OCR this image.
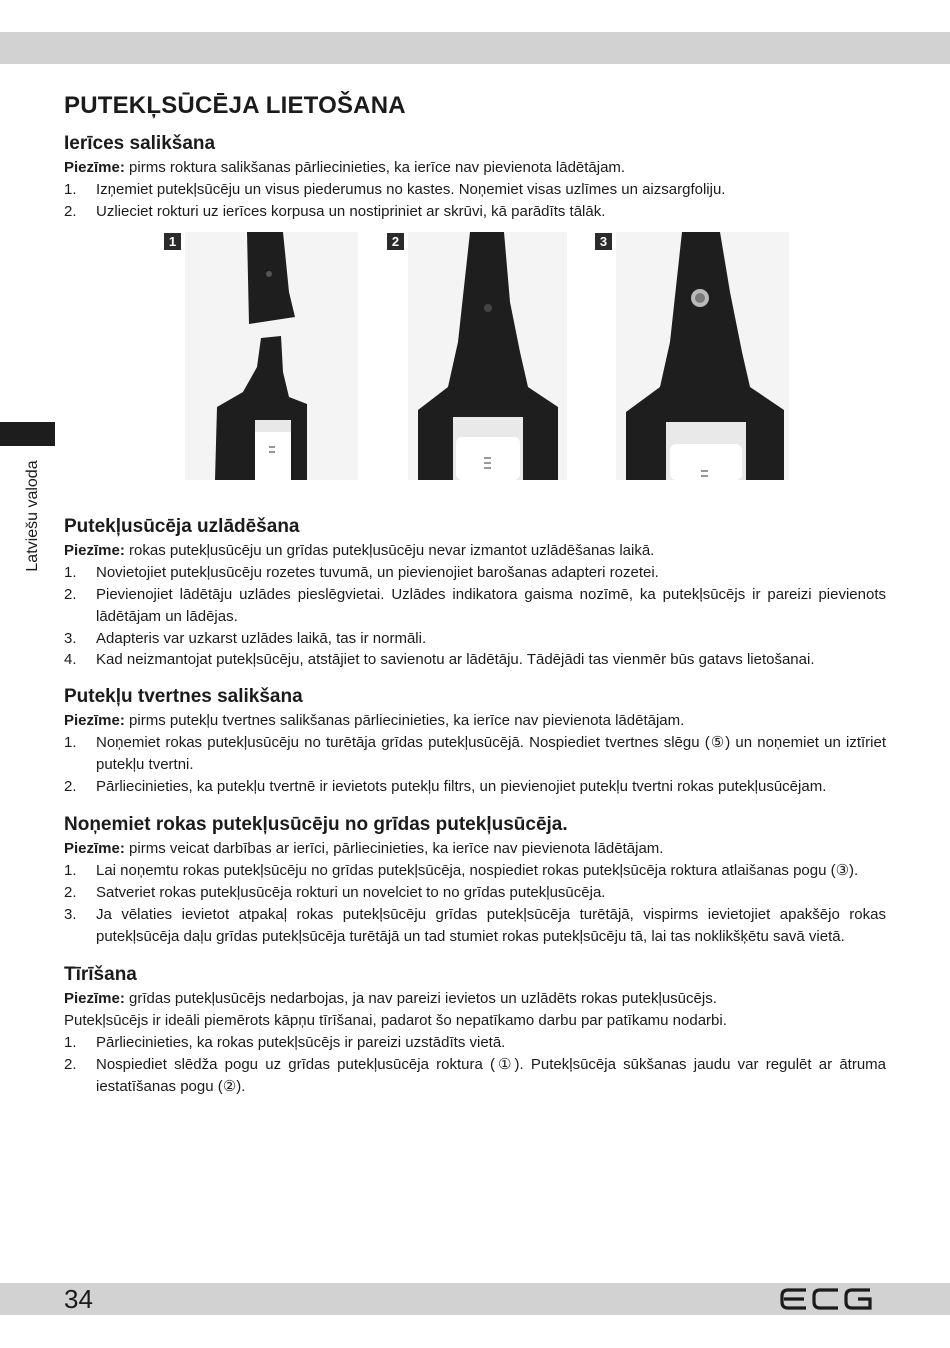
Latviešu valoda
PUTEKĻSŪCĒJA LIETOŠANA
Ierīces salikšana

Piezīme: pirms roktura salikšanas pārliecinieties, ka ierīce nav pievienota lādētājam.

1. Izņemiet putekļsūcēju un visus piederumus no kastes. Noņemiet visas uzlīmes un aizsargfoliju.
2. Uzlieciet rokturi uz ierīces korpusa un nostipriniet ar skrūvi, kā parādīts tālāk.
1	2	3
Putekļusūcēja uzlādēšana

Piezīme: rokas putekļusūcēju un grīdas putekļusūcēju nevar izmantot uzlādēšanas laikā.

1. Novietojiet putekļusūcēju rozetes tuvumā, un pievienojiet barošanas adapteri rozetei.
2. Pievienojiet lādētāju uzlādes pieslēgvietai. Uzlādes indikatora gaisma nozīmē, ka putekļsūcējs ir pareizi pievienots lādētājam un lādējas.
3. Adapteris var uzkarst uzlādes laikā, tas ir normāli.
4. Kad neizmantojat putekļsūcēju, atstājiet to savienotu ar lādētāju. Tādējādi tas vienmēr būs gatavs lietošanai.
Putekļu tvertnes salikšana

Piezīme: pirms putekļu tvertnes salikšanas pārliecinieties, ka ierīce nav pievienota lādētājam.

1. Noņemiet rokas putekļusūcēju no turētāja grīdas putekļusūcējā. Nospiediet tvertnes slēgu (⑤) un noņemiet un iztīriet putekļu tvertni.
2. Pārliecinieties, ka putekļu tvertnē ir ievietots putekļu filtrs, un pievienojiet putekļu tvertni rokas putekļusūcējam.
Noņemiet rokas putekļusūcēju no grīdas putekļusūcēja.

Piezīme: pirms veicat darbības ar ierīci, pārliecinieties, ka ierīce nav pievienota lādētājam.

1. Lai noņemtu rokas putekļsūcēju no grīdas putekļsūcēja, nospiediet rokas putekļsūcēja roktura atlaišanas pogu (③).
2. Satveriet rokas putekļusūcēja rokturi un novelciet to no grīdas putekļusūcēja.
3. Ja vēlaties ievietot atpakaļ rokas putekļsūcēju grīdas putekļsūcēja turētājā, vispirms ievietojiet apakšējo rokas putekļsūcēja daļu grīdas putekļsūcēja turētājā un tad stumiet rokas putekļsūcēju tā, lai tas noklikšķētu savā vietā.
Tīrīšana

Piezīme: grīdas putekļusūcējs nedarbojas, ja nav pareizi ievietos un uzlādēts rokas putekļusūcējs.

Putekļsūcējs ir ideāli piemērots kāpņu tīrīšanai, padarot šo nepatīkamo darbu par patīkamu nodarbi.

1. Pārliecinieties, ka rokas putekļsūcējs ir pareizi uzstādīts vietā.
2. Nospiediet slēdža pogu uz grīdas putekļusūcēja roktura (①). Putekļsūcēja sūkšanas jaudu var regulēt ar ātruma iestatīšanas pogu (②).
34
